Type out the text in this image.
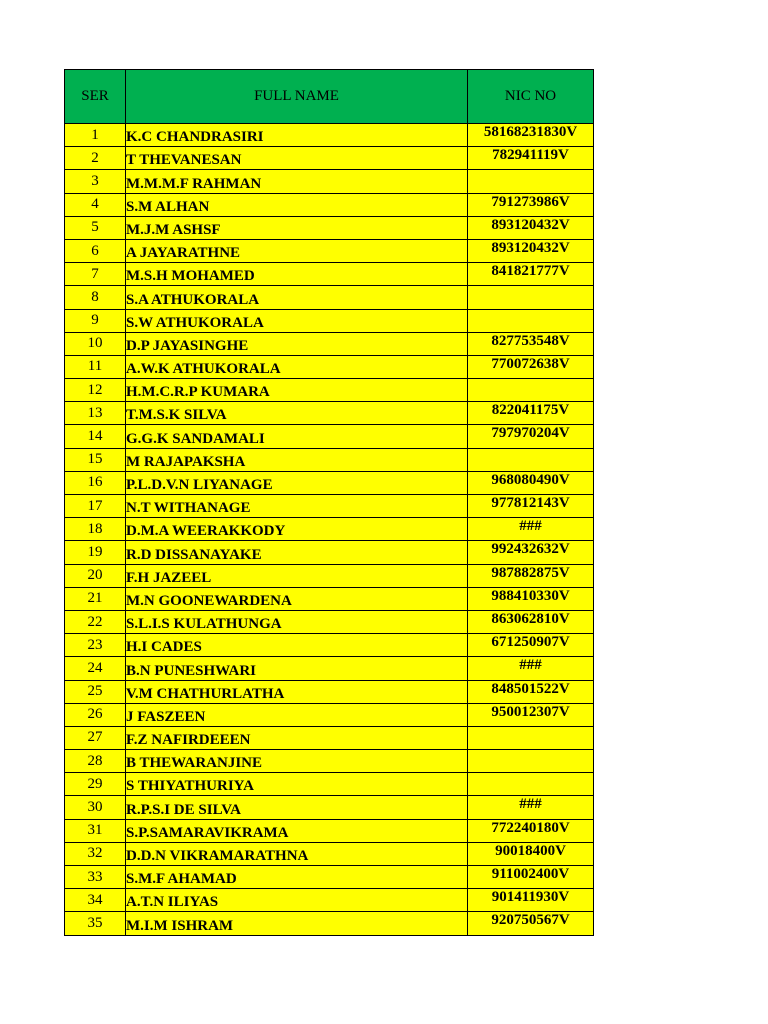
SER	FULL NAME	NIC NO
1	K.C CHANDRASIRI	58168231830V
2	T THEVANESAN	782941119V
3	M.M.M.F RAHMAN	
4	S.M ALHAN	791273986V
5	M.J.M ASHSF	893120432V
6	A JAYARATHNE	893120432V
7	M.S.H MOHAMED	841821777V
8	S.A ATHUKORALA	
9	S.W ATHUKORALA	
10	D.P JAYASINGHE	827753548V
11	A.W.K ATHUKORALA	770072638V
12	H.M.C.R.P KUMARA	
13	T.M.S.K SILVA	822041175V
14	G.G.K SANDAMALI	797970204V
15	M RAJAPAKSHA	
16	P.L.D.V.N LIYANAGE	968080490V
17	N.T WITHANAGE	977812143V
18	D.M.A WEERAKKODY	###
19	R.D DISSANAYAKE	992432632V
20	F.H JAZEEL	987882875V
21	M.N GOONEWARDENA	988410330V
22	S.L.I.S KULATHUNGA	863062810V
23	H.I CADES	671250907V
24	B.N PUNESHWARI	###
25	V.M CHATHURLATHA	848501522V
26	J FASZEEN	950012307V
27	F.Z NAFIRDEEEN	
28	B THEWARANJINE	
29	S THIYATHURIYA	
30	R.P.S.I DE SILVA	###
31	S.P.SAMARAVIKRAMA	772240180V
32	D.D.N VIKRAMARATHNA	90018400V
33	S.M.F AHAMAD	911002400V
34	A.T.N ILIYAS	901411930V
35	M.I.M ISHRAM	920750567V
